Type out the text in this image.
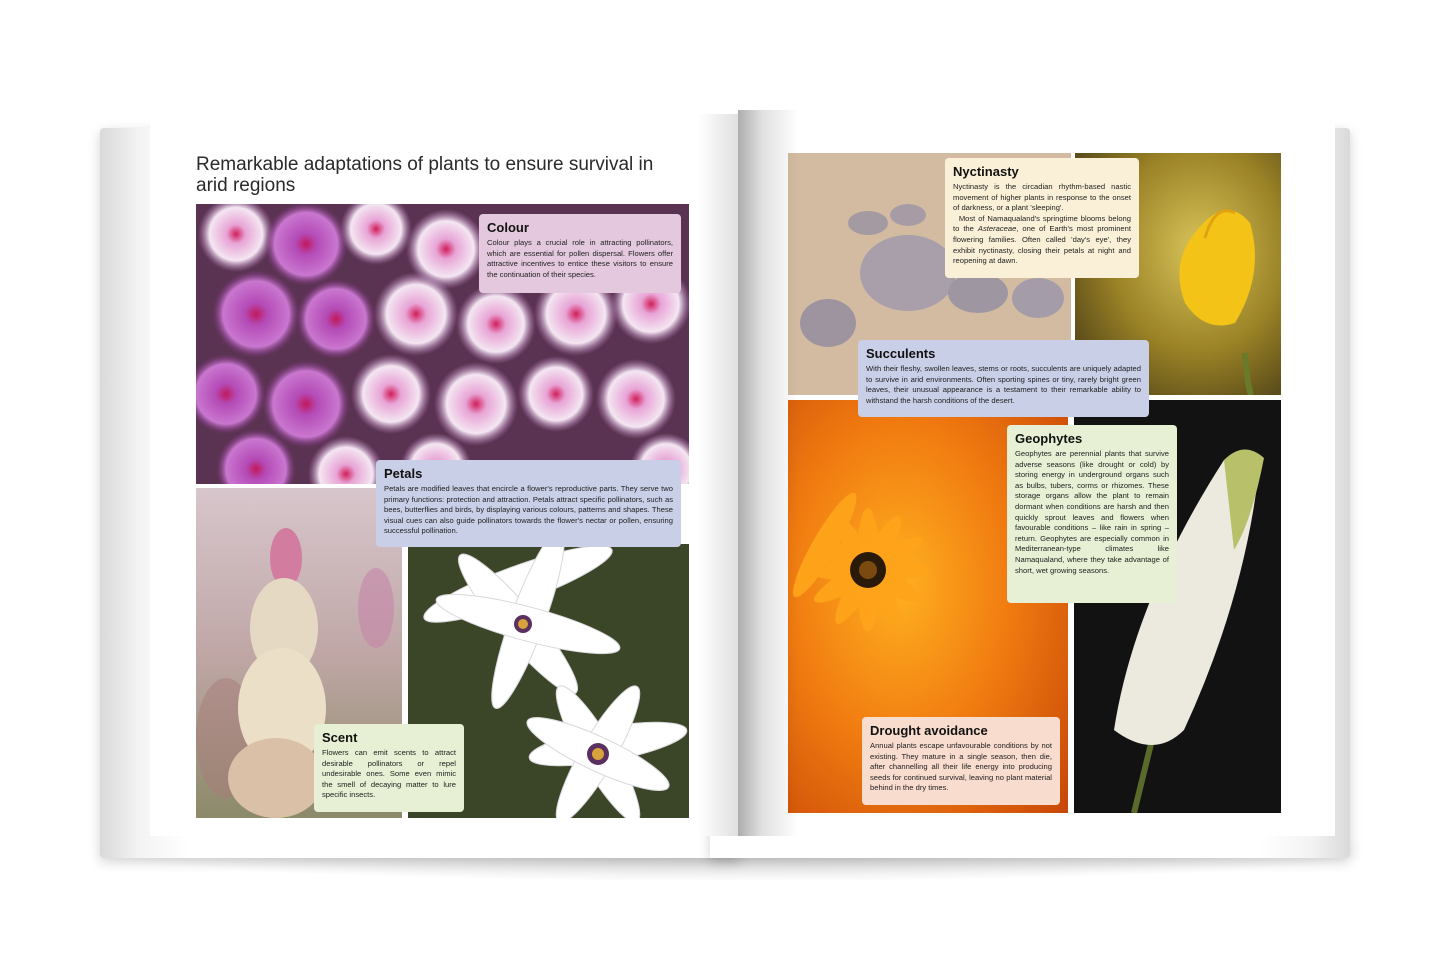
Remarkable adaptations of plants to ensure survival in arid regions
Colour

Colour plays a crucial role in attracting pollinators, which are essential for pollen dispersal. Flowers offer attractive incentives to entice these visitors to ensure the continuation of their species.

Petals

Petals are modified leaves that encircle a flower's reproductive parts. They serve two primary functions: protection and attraction. Petals attract specific pollinators, such as bees, butterflies and birds, by displaying various colours, patterns and shapes. These visual cues can also guide pollinators towards the flower's nectar or pollen, ensuring successful pollination.

Scent

Flowers can emit scents to attract desirable pollinators or repel undesirable ones. Some even mimic the smell of decaying matter to lure specific insects.

Nyctinasty

Nyctinasty is the circadian rhythm-based nastic movement of higher plants in response to the onset of darkness, or a plant 'sleeping'.
Most of Namaqualand's springtime blooms belong to the Asteraceae, one of Earth's most prominent flowering families. Often called 'day's eye', they exhibit nyctinasty, closing their petals at night and reopening at dawn.

Succulents

With their fleshy, swollen leaves, stems or roots, succulents are uniquely adapted to survive in arid environments. Often sporting spines or tiny, rarely bright green leaves, their unusual appearance is a testament to their remarkable ability to withstand the harsh conditions of the desert.

Geophytes

Geophytes are perennial plants that survive adverse seasons (like drought or cold) by storing energy in underground organs such as bulbs, tubers, corms or rhizomes. These storage organs allow the plant to remain dormant when conditions are harsh and then quickly sprout leaves and flowers when favourable conditions – like rain in spring – return. Geophytes are especially common in Mediterranean-type climates like Namaqualand, where they take advantage of short, wet growing seasons.

Drought avoidance

Annual plants escape unfavourable conditions by not existing. They mature in a single season, then die, after channelling all their life energy into producing seeds for continued survival, leaving no plant material behind in the dry times.
